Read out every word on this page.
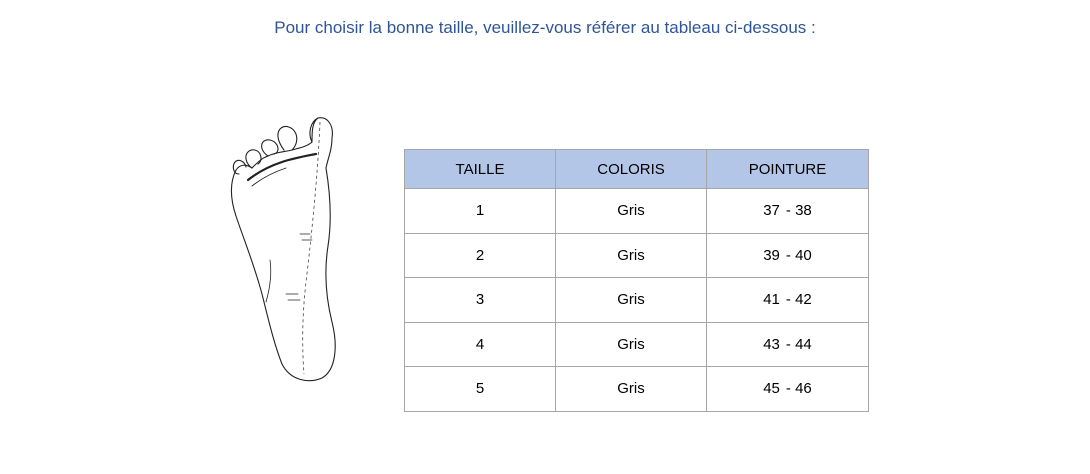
Pour choisir la bonne taille, veuillez-vous référer au tableau ci-dessous :
TAILLE	COLORIS	POINTURE
1	Gris	37 - 38
2	Gris	39 - 40
3	Gris	41 - 42
4	Gris	43 - 44
5	Gris	45 - 46
